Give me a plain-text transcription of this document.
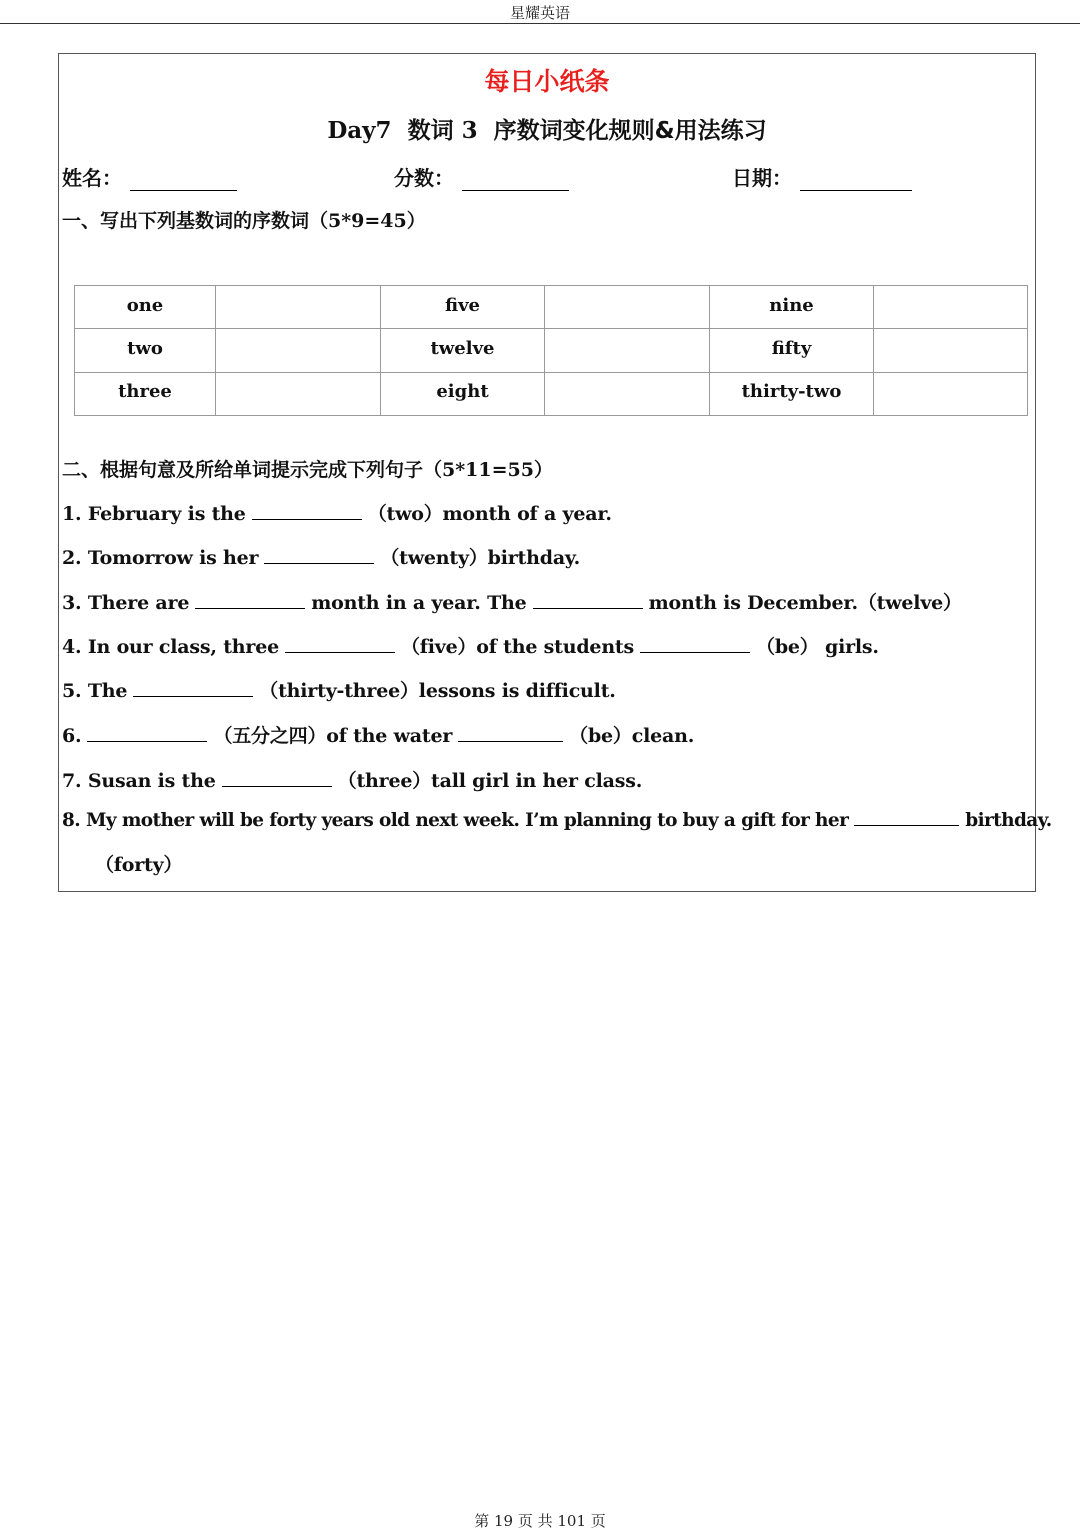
星耀英语
每日小纸条
Day7 数词 3 序数词变化规则&用法练习
姓名：	分数：	日期：
一、写出下列基数词的序数词（5*9=45）
one		five		nine	
two		twelve		fifty	
three		eight		thirty-two	
二、根据句意及所给单词提示完成下列句子（5*11=55）
1. February is the	（two）month of a year.
2. Tomorrow is her	（twenty）birthday.
3. There are	month in a year. The	month is December.（twelve）
4. In our class, three	（five）of the students	（be） girls.
5. The	（thirty-three）lessons is difficult.
6.	（五分之四）of the water	（be）clean.
7. Susan is the	（three）tall girl in her class.
8. My mother will be forty years old next week. I’m planning to buy a gift for her	birthday.
（forty）
第 19 页 共 101 页
